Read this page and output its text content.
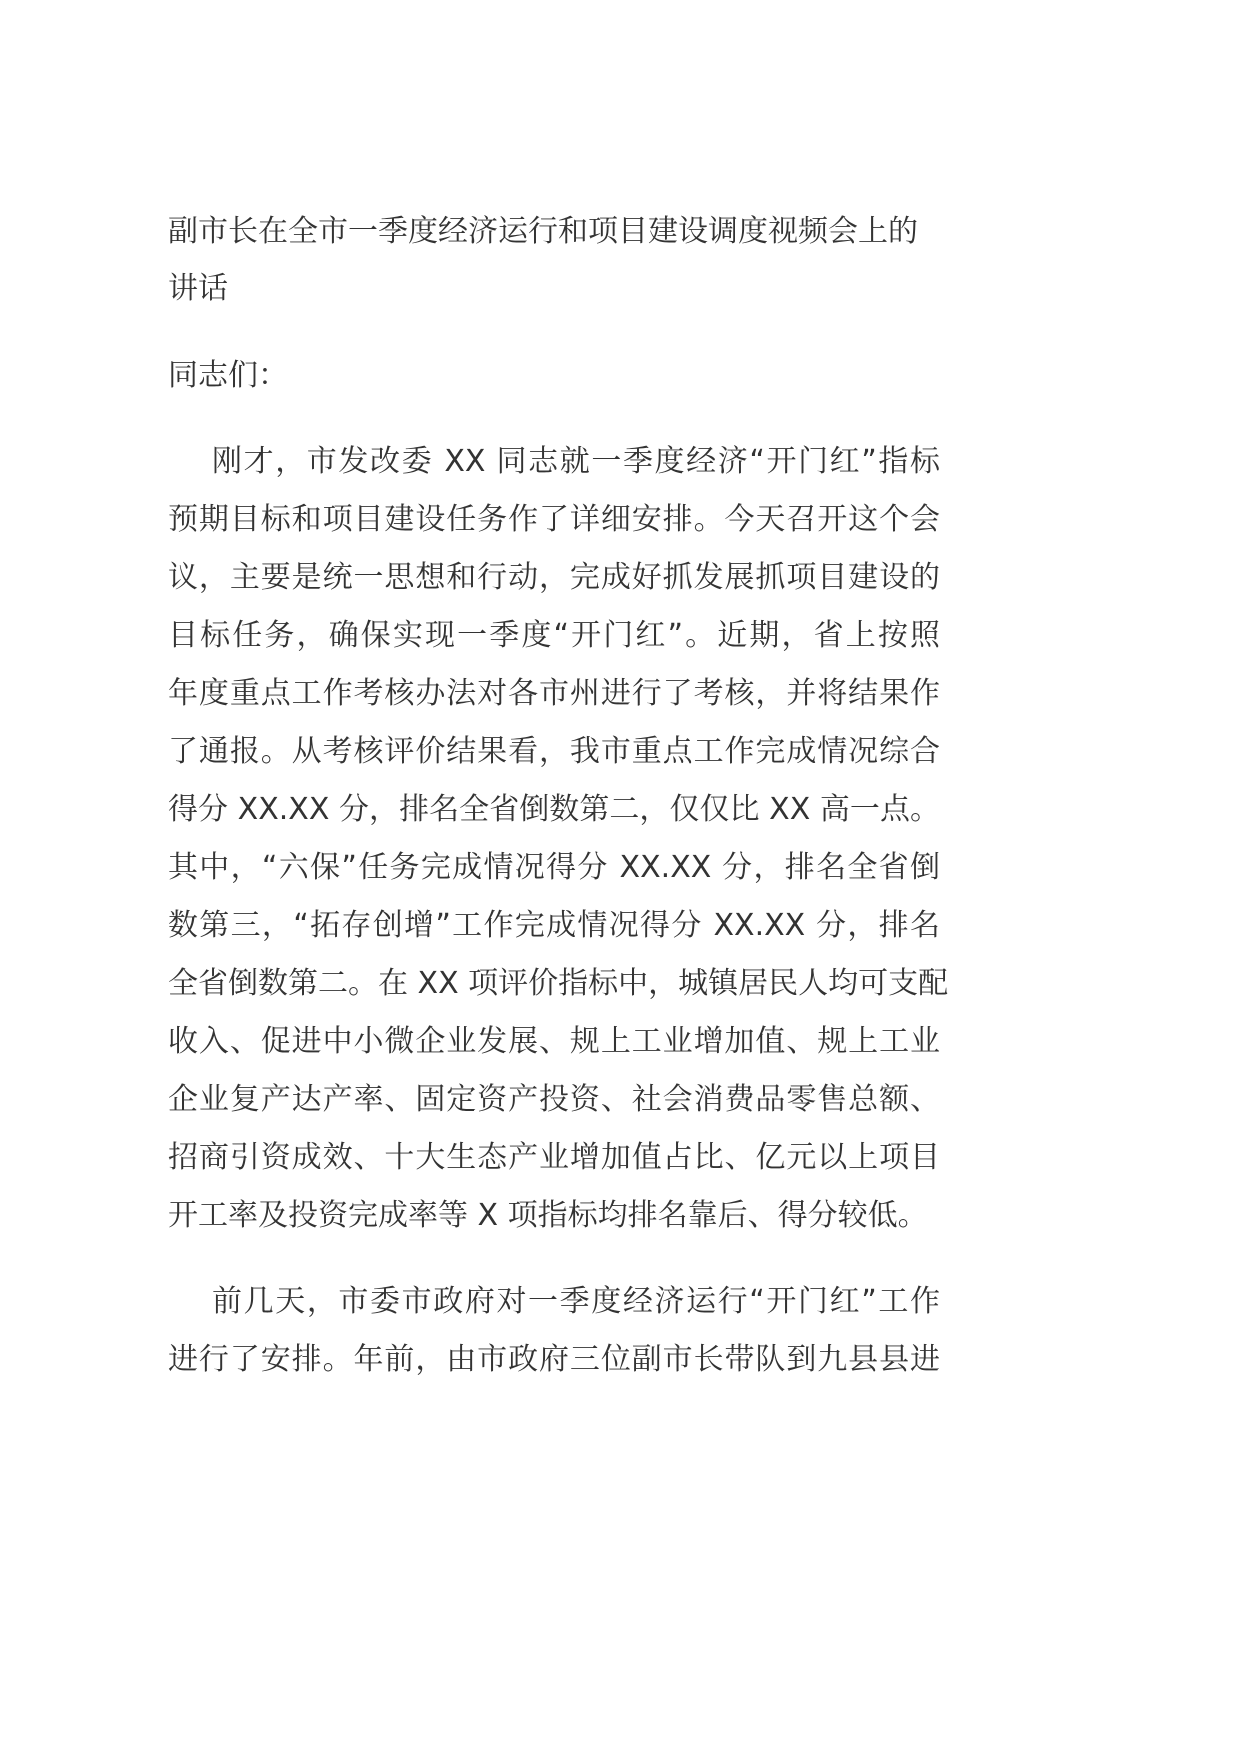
副市长在全市一季度经济运行和项目建设调度视频会上的
讲话
同志们：
刚才，市发改委 XX 同志就一季度经济“开门红”指标
预期目标和项目建设任务作了详细安排。今天召开这个会
议，主要是统一思想和行动，完成好抓发展抓项目建设的
目标任务，确保实现一季度“开门红”。近期，省上按照
年度重点工作考核办法对各市州进行了考核，并将结果作
了通报。从考核评价结果看，我市重点工作完成情况综合
得分 XX.XX 分，排名全省倒数第二，仅仅比 XX 高一点。
其中，“六保”任务完成情况得分 XX.XX 分，排名全省倒
数第三，“拓存创增”工作完成情况得分 XX.XX 分，排名
全省倒数第二。在 XX 项评价指标中，城镇居民人均可支配
收入、促进中小微企业发展、规上工业增加值、规上工业
企业复产达产率、固定资产投资、社会消费品零售总额、
招商引资成效、十大生态产业增加值占比、亿元以上项目
开工率及投资完成率等 X 项指标均排名靠后、得分较低。
前几天，市委市政府对一季度经济运行“开门红”工作
进行了安排。年前，由市政府三位副市长带队到九县县进
